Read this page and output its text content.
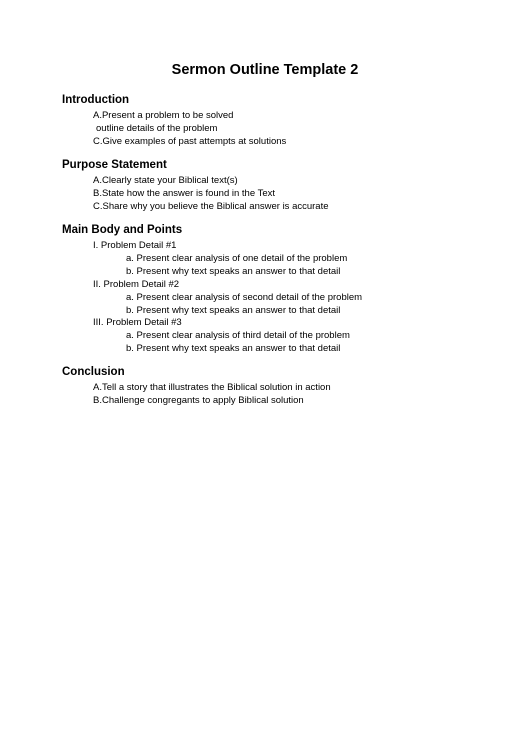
Sermon Outline Template 2
Introduction

A.Present a problem to be solved

outline details of the problem

C.Give examples of past attempts at solutions

Purpose Statement

A.Clearly state your Biblical text(s)

B.State how the answer is found in the Text

C.Share why you believe the Biblical answer is accurate

Main Body and Points

I. Problem Detail #1

a. Present clear analysis of one detail of the problem

b. Present why text speaks an answer to that detail

II. Problem Detail #2

a. Present clear analysis of second detail of the problem

b. Present why text speaks an answer to that detail

III. Problem Detail #3

a. Present clear analysis of third detail of the problem

b. Present why text speaks an answer to that detail

Conclusion

A.Tell a story that illustrates the Biblical solution in action

B.Challenge congregants to apply Biblical solution
